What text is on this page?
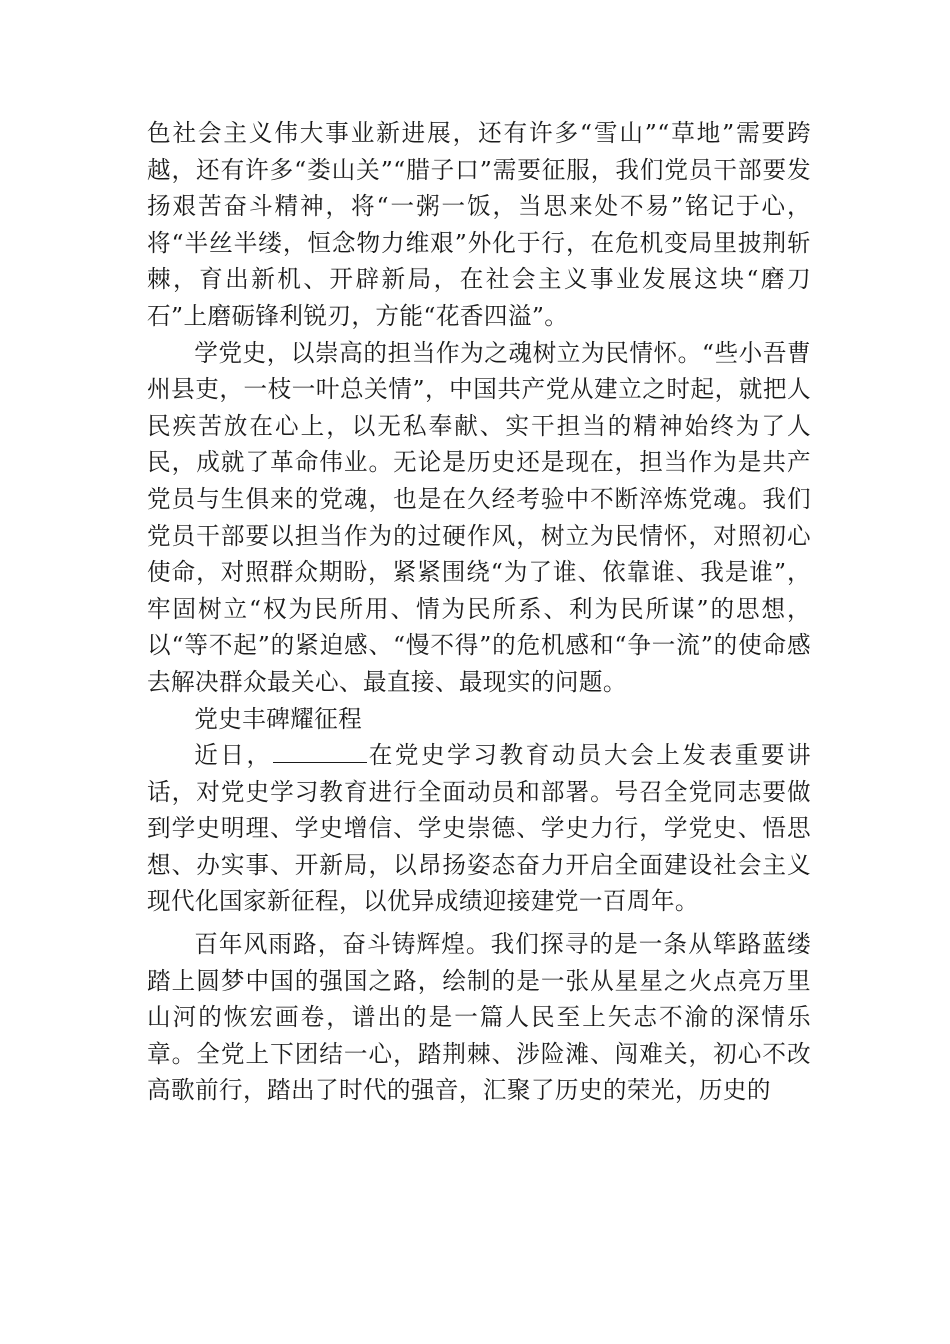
色社会主义伟大事业新进展，还有许多“雪山”“草地”需要跨越，还有许多“娄山关”“腊子口”需要征服，我们党员干部要发扬艰苦奋斗精神，将“一粥一饭，当思来处不易”铭记于心，将“半丝半缕，恒念物力维艰”外化于行，在危机变局里披荆斩棘，育出新机、开辟新局，在社会主义事业发展这块“磨刀石”上磨砺锋利锐刃，方能“花香四溢”。

学党史，以崇高的担当作为之魂树立为民情怀。“些小吾曹州县吏，一枝一叶总关情”，中国共产党从建立之时起，就把人民疾苦放在心上，以无私奉献、实干担当的精神始终为了人民，成就了革命伟业。无论是历史还是现在，担当作为是共产党员与生俱来的党魂，也是在久经考验中不断淬炼党魂。我们党员干部要以担当作为的过硬作风，树立为民情怀，对照初心使命，对照群众期盼，紧紧围绕“为了谁、依靠谁、我是谁”，牢固树立“权为民所用、情为民所系、利为民所谋”的思想，以“等不起”的紧迫感、“慢不得”的危机感和“争一流”的使命感去解决群众最关心、最直接、最现实的问题。

党史丰碑耀征程

近日，	在党史学习教育动员大会上发表重要讲话，对党史学习教育进行全面动员和部署。号召全党同志要做到学史明理、学史增信、学史崇德、学史力行，学党史、悟思想、办实事、开新局，以昂扬姿态奋力开启全面建设社会主义现代化国家新征程，以优异成绩迎接建党一百周年。

百年风雨路，奋斗铸辉煌。我们探寻的是一条从筚路蓝缕踏上圆梦中国的强国之路，绘制的是一张从星星之火点亮万里山河的恢宏画卷，谱出的是一篇人民至上矢志不渝的深情乐章。全党上下团结一心，踏荆棘、涉险滩、闯难关，初心不改高歌前行，踏出了时代的强音，汇聚了历史的荣光，历史的
